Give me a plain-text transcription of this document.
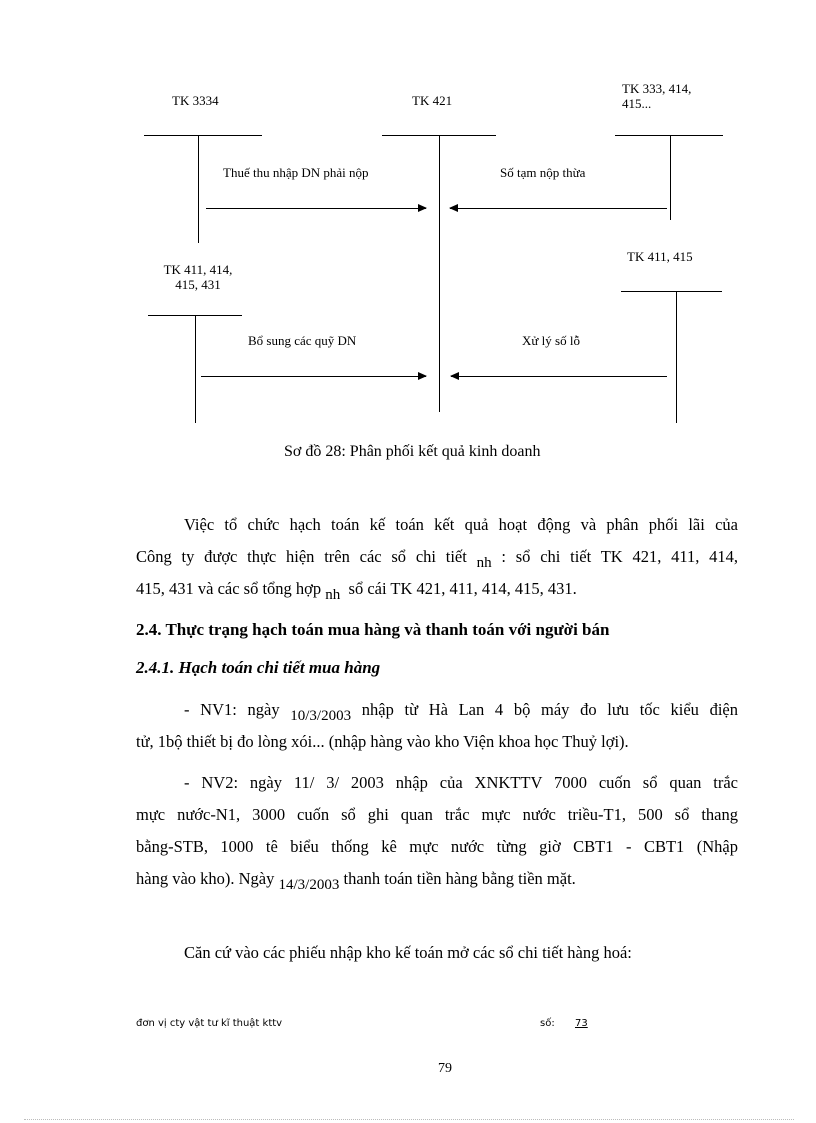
TK 3334	TK 421
TK 333, 414,
415...
Thuế thu nhập DN phải nộp	Số tạm nộp thừa
TK 411, 414,
415, 431
TK 411, 415
Bổ sung các quỹ DN	Xử lý số lỗ
Sơ đồ 28: Phân phối kết quả kinh doanh
Việc tổ chức hạch toán kế toán kết quả hoạt động và phân phối lãi của
Công ty được thực hiện trên các sổ chi tiết nh : sổ chi tiết TK 421, 411, 414,
415, 431 và các sổ tổng hợp nh sổ cái TK 421, 411, 414, 415, 431.
2.4. Thực trạng hạch toán mua hàng và thanh toán với người bán
2.4.1. Hạch toán chi tiết mua hàng
- NV1: ngày 10/3/2003 nhập từ Hà Lan 4 bộ máy đo lưu tốc kiểu điện
tử, 1bộ thiết bị đo lòng xói... (nhập hàng vào kho Viện khoa học Thuỷ lợi).
- NV2: ngày 11/ 3/ 2003 nhập của XNKTTV 7000 cuốn sổ quan trắc
mực nước-N1, 3000 cuốn sổ ghi quan trắc mực nước triều-T1, 500 sổ thang
bằng-STB, 1000 tê biểu thống kê mực nước từng giờ CBT1 - CBT1 (Nhập
hàng vào kho). Ngày 14/3/2003 thanh toán tiền hàng bằng tiền mặt.
Căn cứ vào các phiếu nhập kho kế toán mở các sổ chi tiết hàng hoá:
đơn vị cty vật tư kĩ thuật kttv	số: 73
79
